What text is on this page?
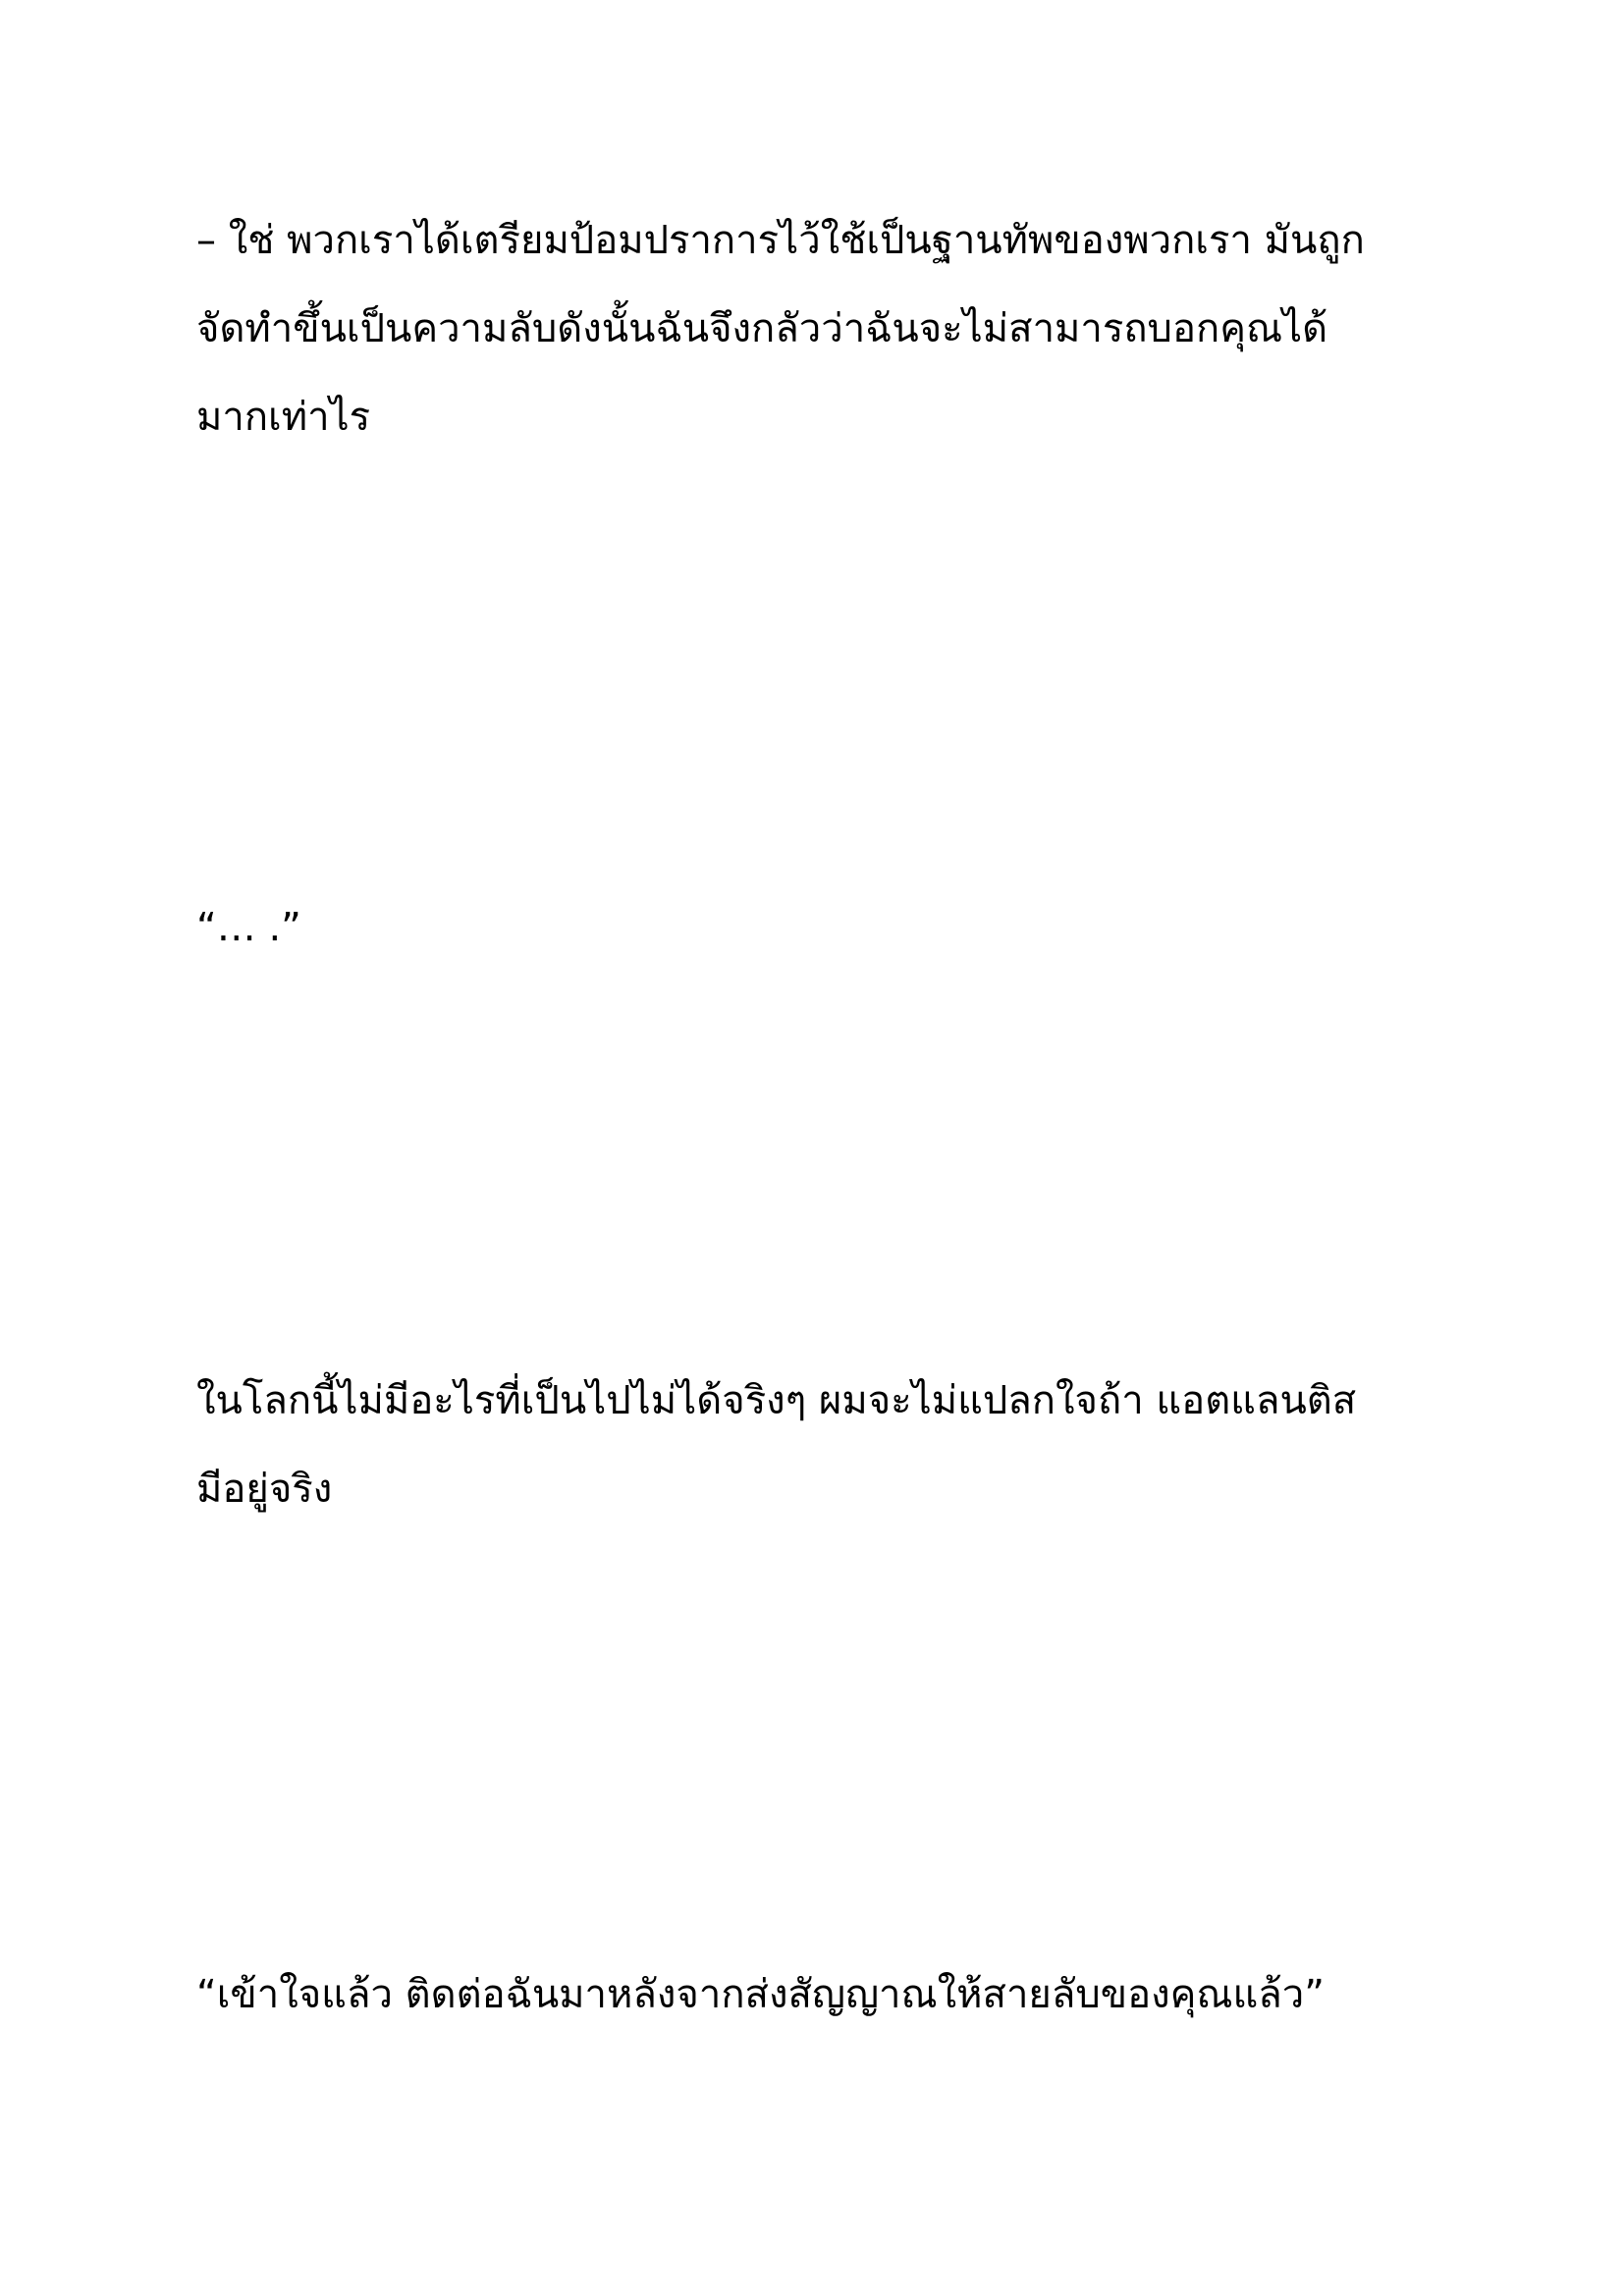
– ใช่ พวกเราได้เตรียมป้อมปราการไว้ใช้เป็นฐานทัพของพวกเรา มันถูก
จัดทำขึ้นเป็นความลับดังนั้นฉันจึงกลัวว่าฉันจะไม่สามารถบอกคุณได้
มากเท่าไร

“… .”

ในโลกนี้ไม่มีอะไรที่เป็นไปไม่ได้จริงๆ ผมจะไม่แปลกใจถ้า แอตแลนติส
มีอยู่จริง

“เข้าใจแล้ว ติดต่อฉันมาหลังจากส่งสัญญาณให้สายลับของคุณแล้ว”
